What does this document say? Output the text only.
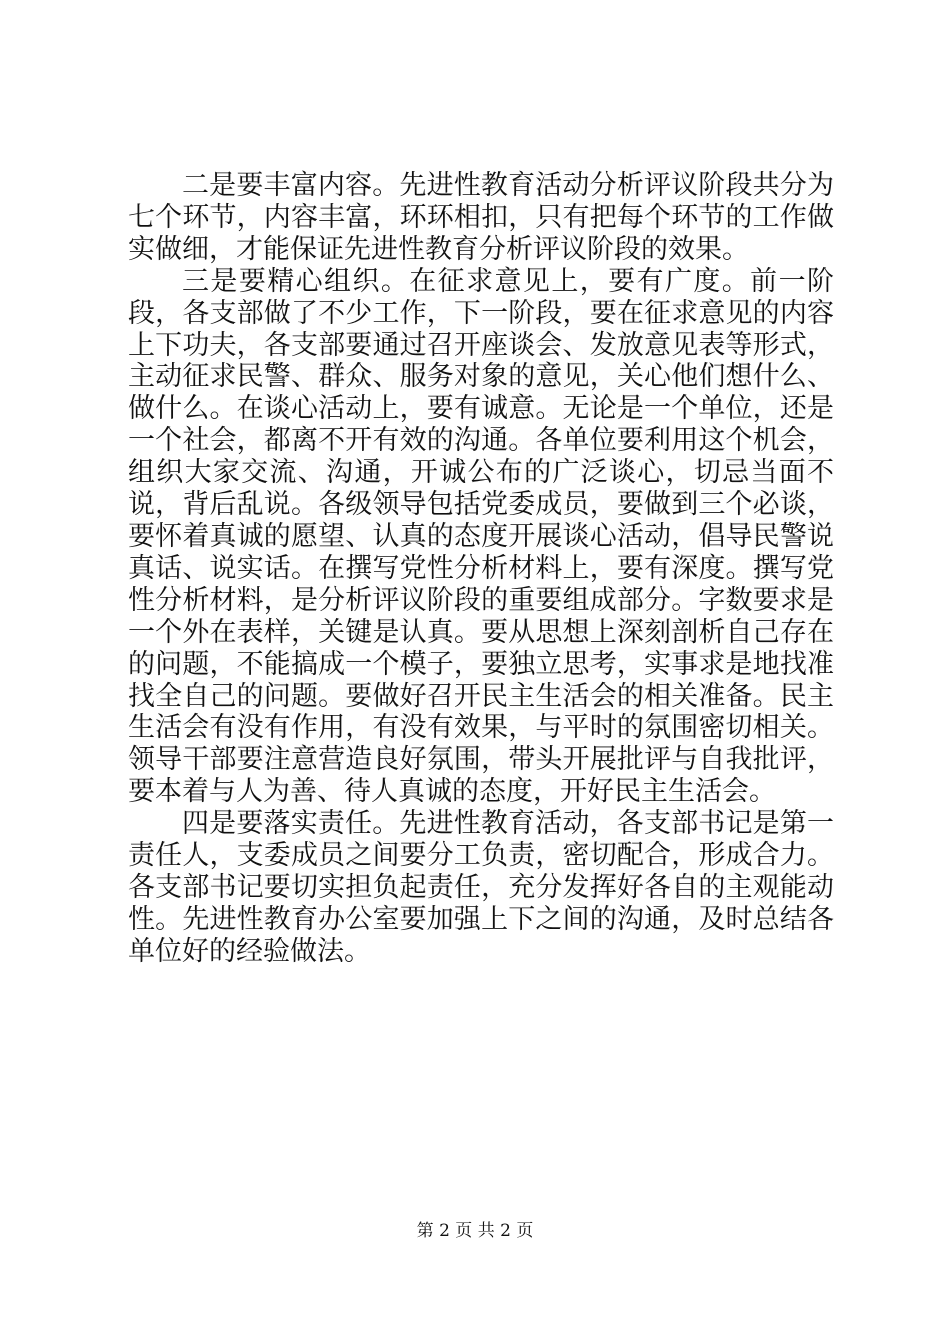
二是要丰富内容。先进性教育活动分析评议阶段共分为七个环节，内容丰富，环环相扣，只有把每个环节的工作做实做细，才能保证先进性教育分析评议阶段的效果。

三是要精心组织。在征求意见上，要有广度。前一阶段，各支部做了不少工作，下一阶段，要在征求意见的内容上下功夫，各支部要通过召开座谈会、发放意见表等形式，主动征求民警、群众、服务对象的意见，关心他们想什么、做什么。在谈心活动上，要有诚意。无论是一个单位，还是一个社会，都离不开有效的沟通。各单位要利用这个机会，组织大家交流、沟通，开诚公布的广泛谈心，切忌当面不说，背后乱说。各级领导包括党委成员，要做到三个必谈，要怀着真诚的愿望、认真的态度开展谈心活动，倡导民警说真话、说实话。在撰写党性分析材料上，要有深度。撰写党性分析材料，是分析评议阶段的重要组成部分。字数要求是一个外在表样，关键是认真。要从思想上深刻剖析自己存在的问题，不能搞成一个模子，要独立思考，实事求是地找准找全自己的问题。要做好召开民主生活会的相关准备。民主生活会有没有作用，有没有效果，与平时的氛围密切相关。领导干部要注意营造良好氛围，带头开展批评与自我批评，要本着与人为善、待人真诚的态度，开好民主生活会。

四是要落实责任。先进性教育活动，各支部书记是第一责任人，支委成员之间要分工负责，密切配合，形成合力。各支部书记要切实担负起责任，充分发挥好各自的主观能动性。先进性教育办公室要加强上下之间的沟通，及时总结各单位好的经验做法。

第 2 页 共 2 页
